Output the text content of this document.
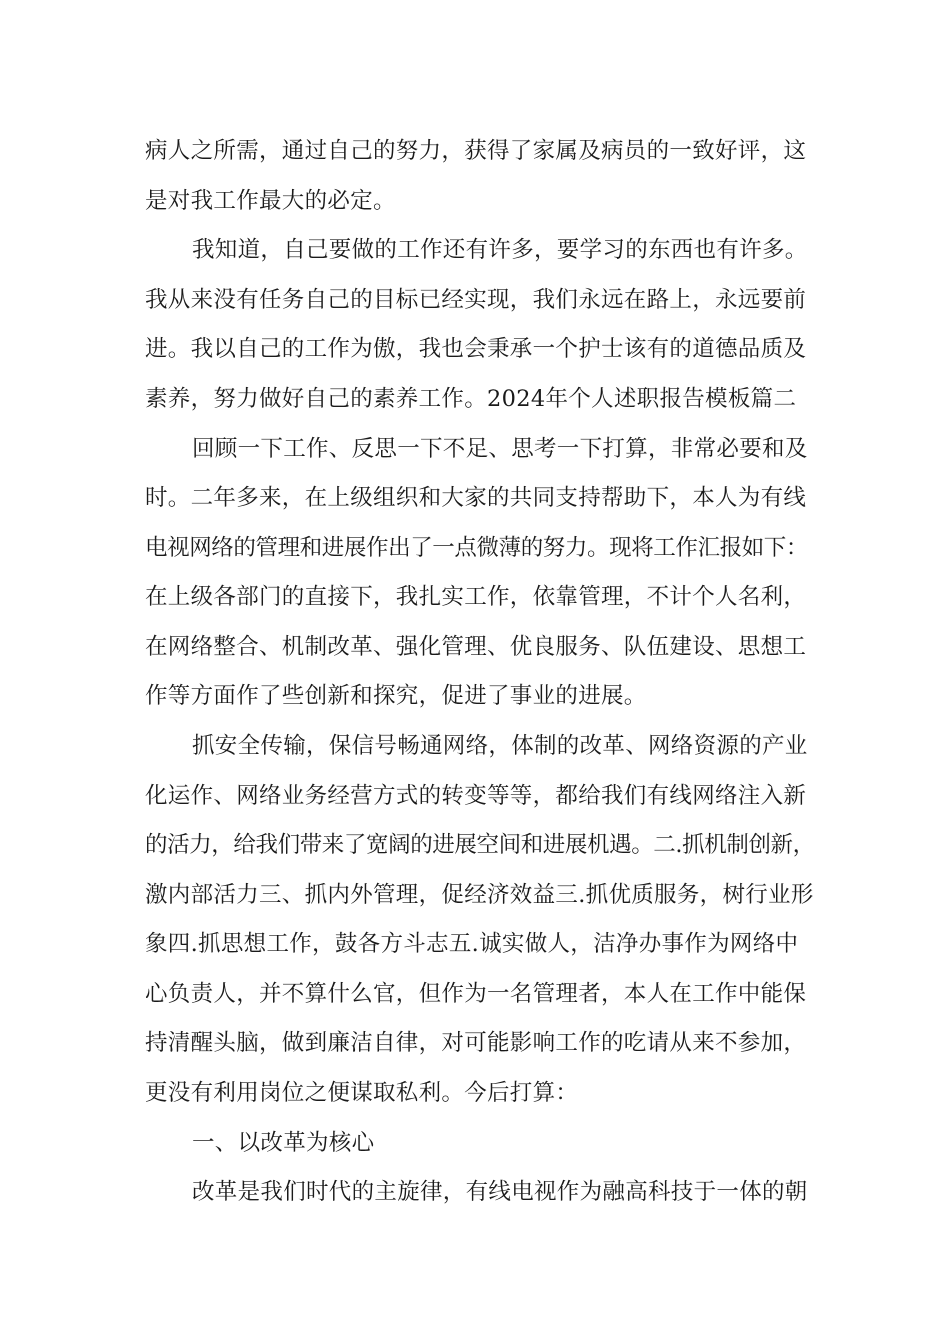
病人之所需，通过自己的努力，获得了家属及病员的一致好评，这
是对我工作最大的必定。
我知道，自己要做的工作还有许多，要学习的东西也有许多。
我从来没有任务自己的目标已经实现，我们永远在路上，永远要前
进。我以自己的工作为傲，我也会秉承一个护士该有的道德品质及
素养，努力做好自己的素养工作。2024年个人述职报告模板篇二
回顾一下工作、反思一下不足、思考一下打算，非常必要和及
时。二年多来，在上级组织和大家的共同支持帮助下，本人为有线
电视网络的管理和进展作出了一点微薄的努力。现将工作汇报如下：
在上级各部门的直接下，我扎实工作，依靠管理，不计个人名利，
在网络整合、机制改革、强化管理、优良服务、队伍建设、思想工
作等方面作了些创新和探究，促进了事业的进展。
抓安全传输，保信号畅通网络，体制的改革、网络资源的产业
化运作、网络业务经营方式的转变等等，都给我们有线网络注入新
的活力，给我们带来了宽阔的进展空间和进展机遇。二.抓机制创新，
激内部活力三、抓内外管理，促经济效益三.抓优质服务，树行业形
象四.抓思想工作，鼓各方斗志五.诚实做人，洁净办事作为网络中
心负责人，并不算什么官，但作为一名管理者，本人在工作中能保
持清醒头脑，做到廉洁自律，对可能影响工作的吃请从来不参加，
更没有利用岗位之便谋取私利。今后打算：
一、以改革为核心
改革是我们时代的主旋律，有线电视作为融高科技于一体的朝
